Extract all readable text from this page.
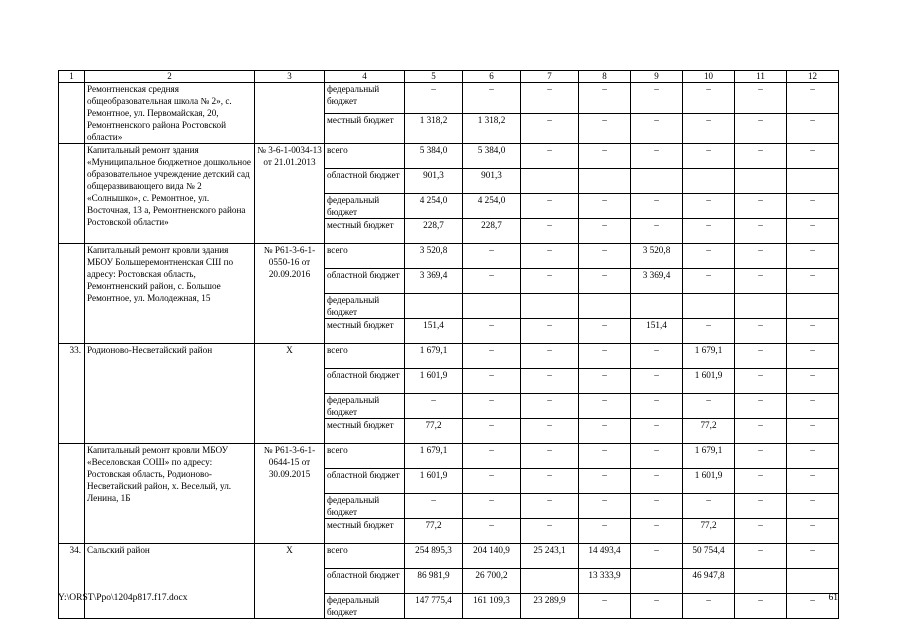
1	2	3	4	5	6	7	8	9	10	11	12
	Ремонтненская средняя общеобразовательная школа № 2», с. Ремонтное, ул. Первомайская, 20, Ремонтненского района Ростовской области»		федеральный бюджет	–	–	–	–	–	–	–	–
			местный бюджет	1 318,2	1 318,2	–	–	–	–	–	–
	Капитальный ремонт здания «Муниципальное бюджетное дошкольное образовательное учреждение детский сад общеразвивающего вида № 2 «Солнышко», с. Ремонтное, ул. Восточная, 13 а, Ремонтненского района Ростовской области»	№ 3-6-1-0034-13 от 21.01.2013	всего	5 384,0	5 384,0	–	–	–	–	–	–
			областной бюджет	901,3	901,3						
			федеральный бюджет	4 254,0	4 254,0	–	–	–	–	–	–
			местный бюджет	228,7	228,7	–	–	–	–	–	–
	Капитальный ремонт кровли здания МБОУ Большеремонтненская СШ по адресу: Ростовская область, Ремонтненский район, с. Большое Ремонтное, ул. Молодежная, 15	№ Р61-3-6-1-0550-16 от 20.09.2016	всего	3 520,8	–	–	–	3 520,8	–	–	–
			областной бюджет	3 369,4	–	–	–	3 369,4	–	–	–
			федеральный бюджет								
			местный бюджет	151,4	–	–	–	151,4	–	–	–
33.	Родионово-Несветайский район	Х	всего	1 679,1	–	–	–	–	1 679,1	–	–
			областной бюджет	1 601,9	–	–	–	–	1 601,9	–	–
			федеральный бюджет	–	–	–	–	–	–	–	–
			местный бюджет	77,2	–	–	–	–	77,2	–	–
	Капитальный ремонт кровли МБОУ «Веселовская СОШ» по адресу: Ростовская область, Родионово-Несветайский район, х. Веселый, ул. Ленина, 1Б	№ Р61-3-6-1-0644-15 от 30.09.2015	всего	1 679,1	–	–	–	–	1 679,1	–	–
			областной бюджет	1 601,9	–	–	–	–	1 601,9	–	–
			федеральный бюджет	–	–	–	–	–	–	–	–
			местный бюджет	77,2	–	–	–	–	77,2	–	–
34.	Сальский район	Х	всего	254 895,3	204 140,9	25 243,1	14 493,4	–	50 754,4	–	–
			областной бюджет	86 981,9	26 700,2		13 333,9		46 947,8		
			федеральный бюджет	147 775,4	161 109,3	23 289,9	–	–	–	–	–
Y:\ORST\Ppo\1204p817.f17.docx	61
